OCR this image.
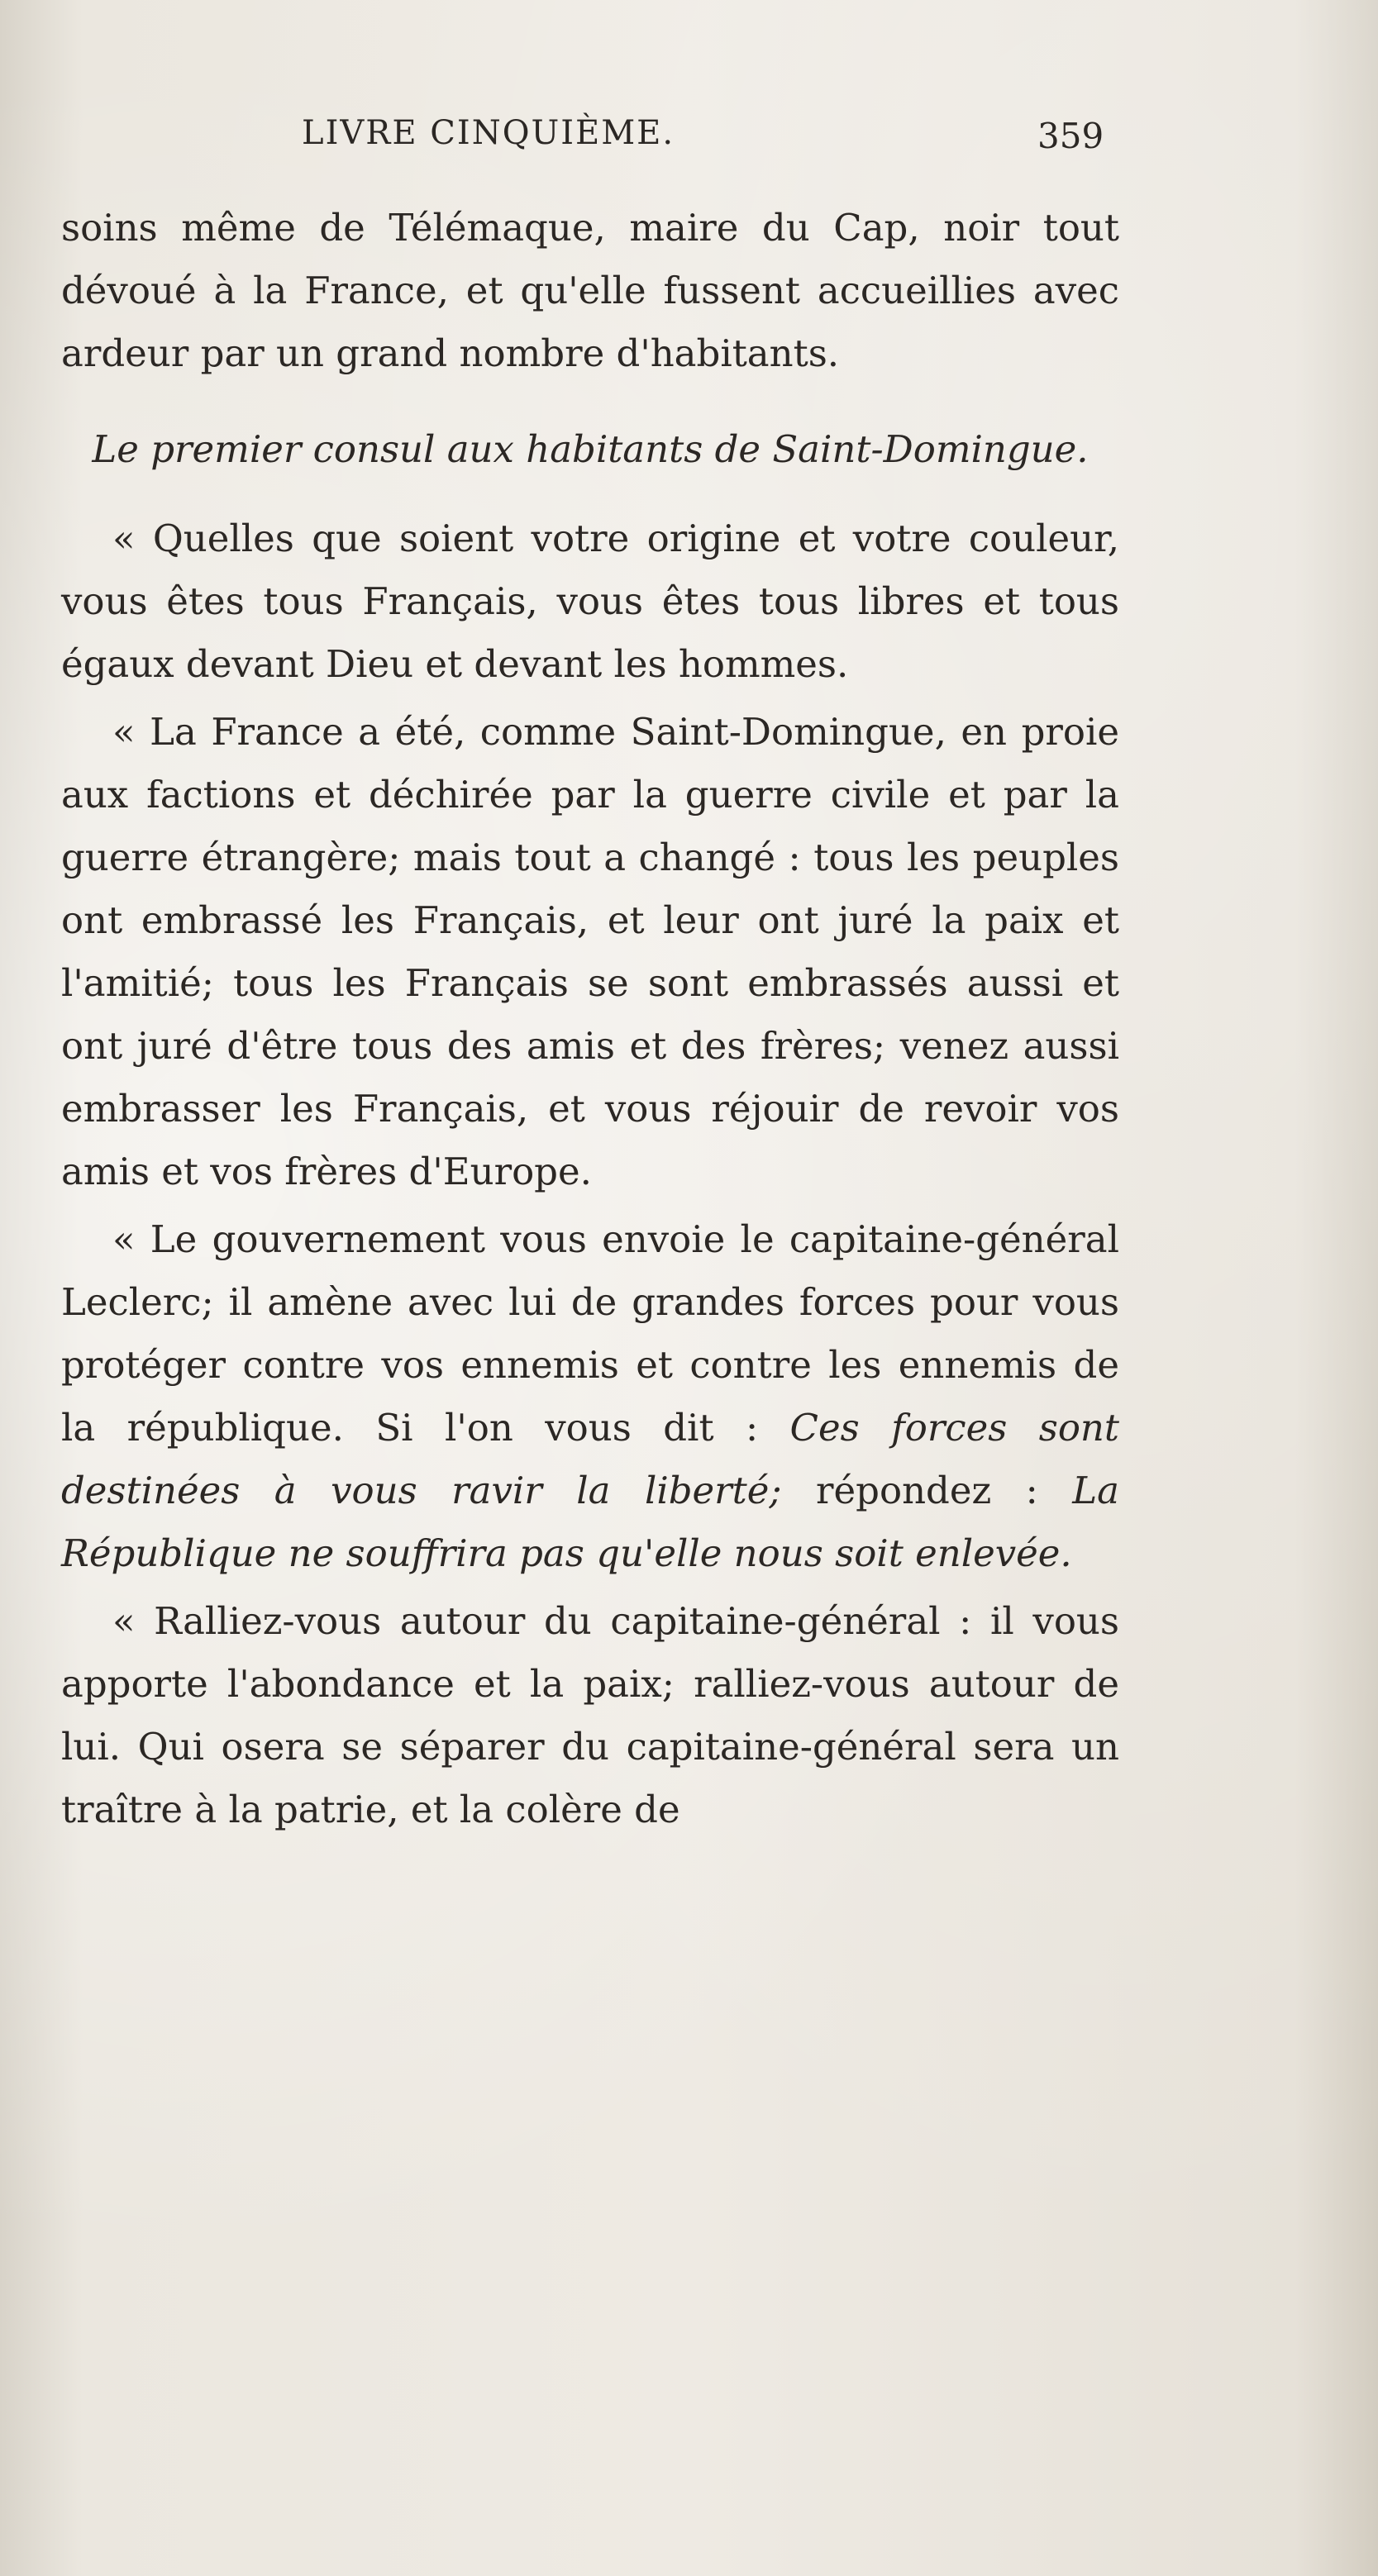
LIVRE CINQUIÈME.	359

soins même de Télémaque, maire du Cap, noir tout dévoué à la France, et qu'elle fussent accueillies avec ardeur par un grand nombre d'habitants.

Le premier consul aux habitants de Saint-Domingue.

« Quelles que soient votre origine et votre couleur, vous êtes tous Français, vous êtes tous libres et tous égaux devant Dieu et devant les hommes.

« La France a été, comme Saint-Domingue, en proie aux factions et déchirée par la guerre civile et par la guerre étrangère; mais tout a changé : tous les peuples ont embrassé les Français, et leur ont juré la paix et l'amitié; tous les Français se sont embrassés aussi et ont juré d'être tous des amis et des frères; venez aussi embrasser les Français, et vous réjouir de revoir vos amis et vos frères d'Europe.

« Le gouvernement vous envoie le capitaine-général Leclerc; il amène avec lui de grandes forces pour vous protéger contre vos ennemis et contre les ennemis de la république. Si l'on vous dit : Ces forces sont destinées à vous ravir la liberté; répondez : La République ne souffrira pas qu'elle nous soit enlevée.

« Ralliez-vous autour du capitaine-général : il vous apporte l'abondance et la paix; ralliez-vous autour de lui. Qui osera se séparer du capitaine-général sera un traître à la patrie, et la colère de
